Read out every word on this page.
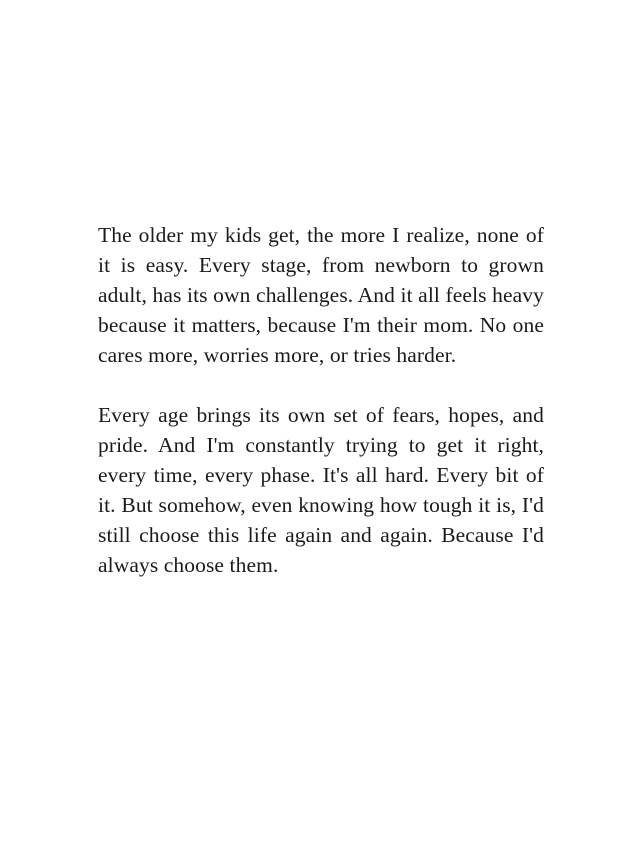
The older my kids get, the more I realize, none of it is easy. Every stage, from newborn to grown adult, has its own challenges. And it all feels heavy because it matters, because I'm their mom. No one cares more, worries more, or tries harder.

Every age brings its own set of fears, hopes, and pride. And I'm constantly trying to get it right, every time, every phase. It's all hard. Every bit of it. But somehow, even knowing how tough it is, I'd still choose this life again and again. Because I'd always choose them.
